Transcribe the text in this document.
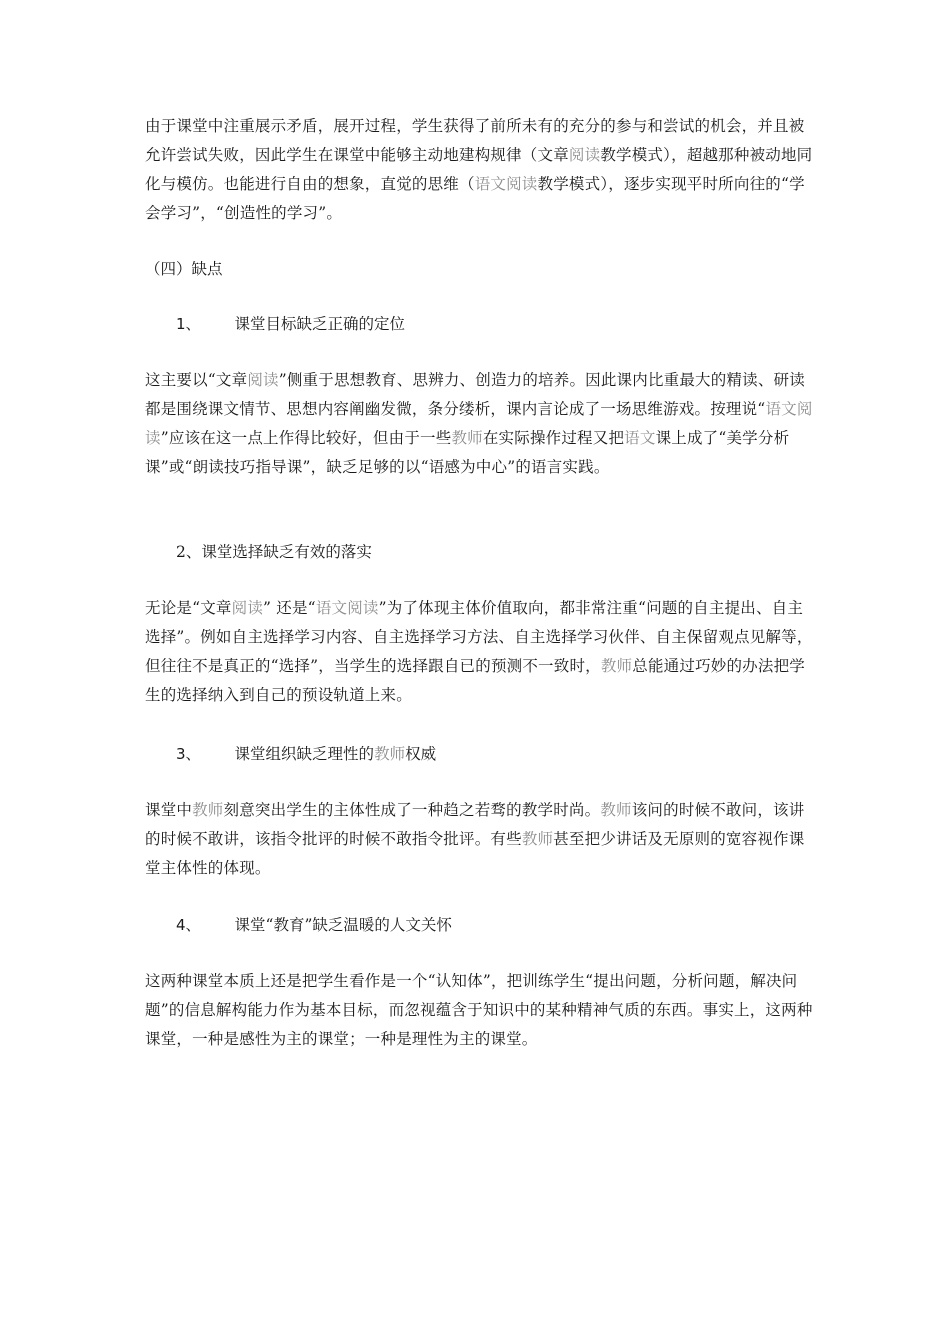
由于课堂中注重展示矛盾，展开过程，学生获得了前所未有的充分的参与和尝试的机会，并且被允许尝试失败，因此学生在课堂中能够主动地建构规律（文章阅读教学模式），超越那种被动地同化与模仿。也能进行自由的想象，直觉的思维（语文阅读教学模式），逐步实现平时所向往的“学会学习”，“创造性的学习”。

（四）缺点

1、 课堂目标缺乏正确的定位

这主要以“文章阅读”侧重于思想教育、思辨力、创造力的培养。因此课内比重最大的精读、研读都是围绕课文情节、思想内容阐幽发微，条分缕析，课内言论成了一场思维游戏。按理说“语文阅读”应该在这一点上作得比较好，但由于一些教师在实际操作过程又把语文课上成了“美学分析课”或“朗读技巧指导课”，缺乏足够的以“语感为中心”的语言实践。

2、课堂选择缺乏有效的落实

无论是“文章阅读” 还是“语文阅读”为了体现主体价值取向，都非常注重“问题的自主提出、自主选择”。例如自主选择学习内容、自主选择学习方法、自主选择学习伙伴、自主保留观点见解等，但往往不是真正的“选择”，当学生的选择跟自已的预测不一致时，教师总能通过巧妙的办法把学生的选择纳入到自己的预设轨道上来。

3、 课堂组织缺乏理性的教师权威

课堂中教师刻意突出学生的主体性成了一种趋之若骛的教学时尚。教师该问的时候不敢问，该讲的时候不敢讲，该指令批评的时候不敢指令批评。有些教师甚至把少讲话及无原则的宽容视作课堂主体性的体现。

4、 课堂“教育”缺乏温暖的人文关怀

这两种课堂本质上还是把学生看作是一个“认知体”，把训练学生“提出问题，分析问题，解决问题”的信息解构能力作为基本目标，而忽视蕴含于知识中的某种精神气质的东西。事实上，这两种课堂，一种是感性为主的课堂；一种是理性为主的课堂。
